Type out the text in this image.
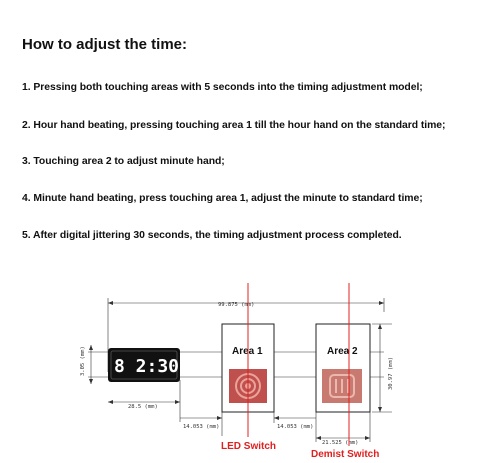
How to adjust the time:
1. Pressing both touching areas with 5 seconds into the timing adjustment model;
2. Hour hand beating, pressing touching area 1 till the hour hand on the standard time;
3. Touching area 2 to adjust minute hand;
4. Minute hand beating, press touching area 1, adjust the minute to standard time;
5. After digital jittering 30 seconds, the timing adjustment process completed.
99.875 (mm)
28.5 (mm)
3.05 (mm)
14.053 (mm)	14.053 (mm)
21.525 (mm)
30.97 (mm)
8 2:30
Area 1	Area 2
LED Switch
Demist Switch
